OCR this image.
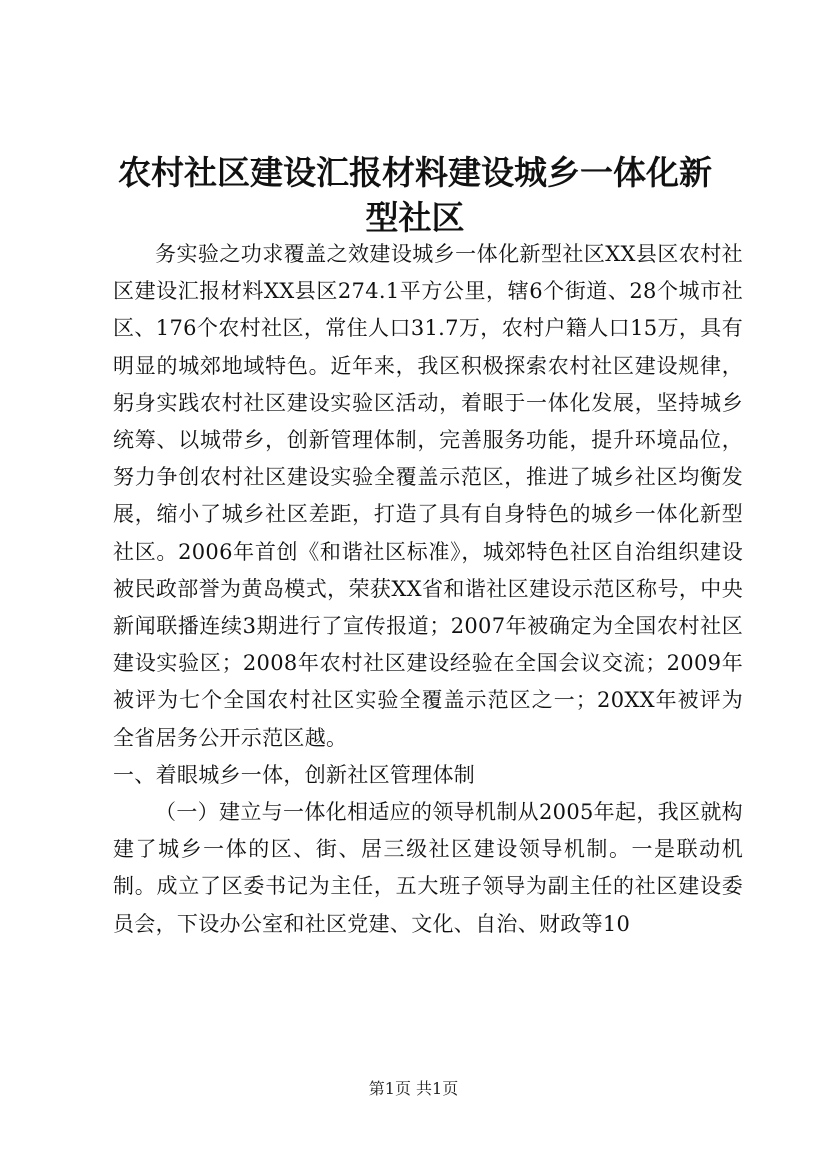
农村社区建设汇报材料建设城乡一体化新型社区

务实验之功求覆盖之效建设城乡一体化新型社区XX县区农村社区建设汇报材料XX县区274.1平方公里，辖6个街道、28个城市社区、176个农村社区，常住人口31.7万，农村户籍人口15万，具有明显的城郊地域特色。近年来，我区积极探索农村社区建设规律，躬身实践农村社区建设实验区活动，着眼于一体化发展，坚持城乡统筹、以城带乡，创新管理体制，完善服务功能，提升环境品位，努力争创农村社区建设实验全覆盖示范区，推进了城乡社区均衡发展，缩小了城乡社区差距，打造了具有自身特色的城乡一体化新型社区。2006年首创《和谐社区标准》，城郊特色社区自治组织建设被民政部誉为黄岛模式，荣获XX省和谐社区建设示范区称号，中央新闻联播连续3期进行了宣传报道；2007年被确定为全国农村社区建设实验区；2008年农村社区建设经验在全国会议交流；2009年被评为七个全国农村社区实验全覆盖示范区之一；20XX年被评为全省居务公开示范区越。

一、着眼城乡一体，创新社区管理体制

（一）建立与一体化相适应的领导机制从2005年起，我区就构建了城乡一体的区、街、居三级社区建设领导机制。一是联动机制。成立了区委书记为主任，五大班子领导为副主任的社区建设委员会，下设办公室和社区党建、文化、自治、财政等10

第1页 共1页
